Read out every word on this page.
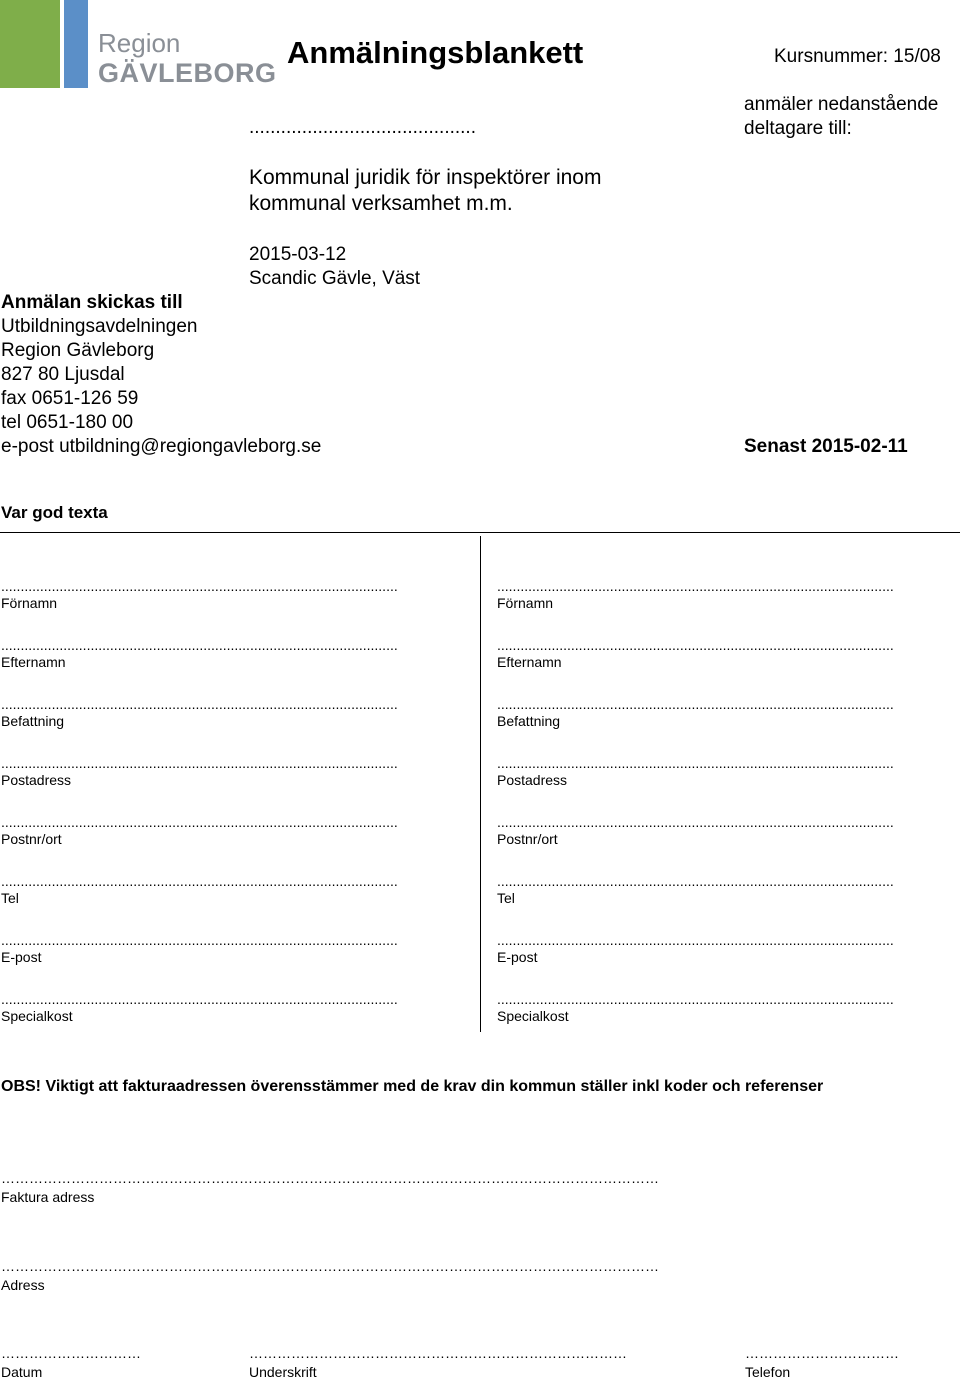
Region
GÄVLEBORG
Anmälningsblankett	Kursnummer: 15/08
anmäler nedanstående
deltagare till:
...........................................
Kommunal juridik för inspektörer inom
kommunal verksamhet m.m.
2015-03-12
Scandic Gävle, Väst
Anmälan skickas till
Utbildningsavdelningen
Region Gävleborg
827 80 Ljusdal
fax 0651-126 59
tel 0651-180 00
e-post utbildning@regiongavleborg.se	Senast 2015-02-11
Var god texta
......................................................................................................
Förnamn
......................................................................................................
Efternamn
......................................................................................................
Befattning
......................................................................................................
Postadress
......................................................................................................
Postnr/ort
......................................................................................................
Tel
......................................................................................................
E-post
......................................................................................................
Specialkost
......................................................................................................
Förnamn
......................................................................................................
Efternamn
......................................................................................................
Befattning
......................................................................................................
Postadress
......................................................................................................
Postnr/ort
......................................................................................................
Tel
......................................................................................................
E-post
......................................................................................................
Specialkost
OBS! Viktigt att fakturaadressen överensstämmer med de krav din kommun ställer inkl koder och referenser
……………………………………………………………………………………………………………………………
Faktura adress
……………………………………………………………………………………………………………………………
Adress
…………………………	………………………………………………………………………	……………………………
Datum	Underskrift	Telefon
